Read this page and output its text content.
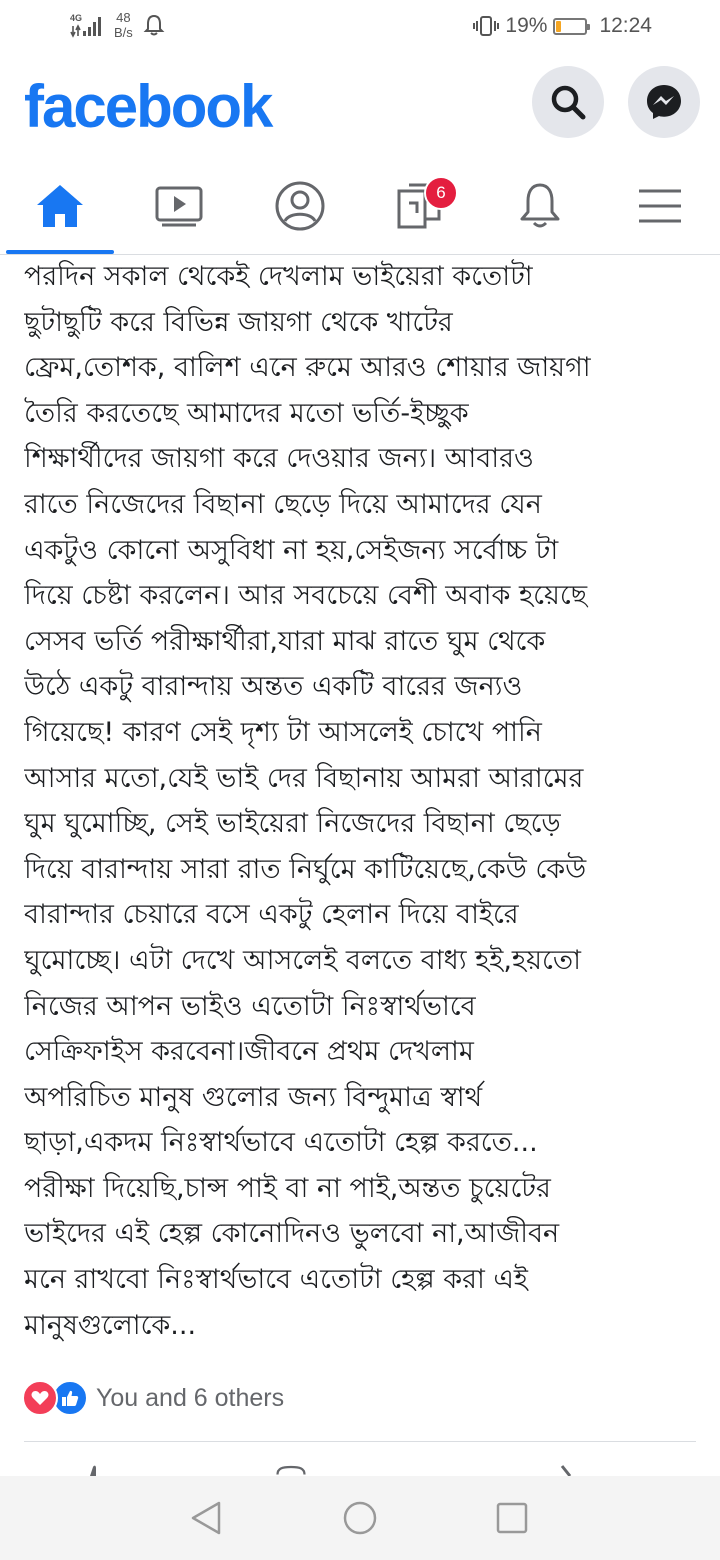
4G	48
B/s	19% 12:24
facebook
6
পরদিন সকাল থেকেই দেখলাম ভাইয়েরা কতোটা
ছুটাছুটি করে বিভিন্ন জায়গা থেকে খাটের
ফ্রেম,তোশক, বালিশ এনে রুমে আরও শোয়ার জায়গা
তৈরি করতেছে আমাদের মতো ভর্তি-ইচ্ছুক
শিক্ষার্থীদের জায়গা করে দেওয়ার জন্য। আবারও
রাতে নিজেদের বিছানা ছেড়ে দিয়ে আমাদের যেন
একটুও কোনো অসুবিধা না হয়,সেইজন্য সর্বোচ্চ টা
দিয়ে চেষ্টা করলেন। আর সবচেয়ে বেশী অবাক হয়েছে
সেসব ভর্তি পরীক্ষার্থীরা,যারা মাঝ রাতে ঘুম থেকে
উঠে একটু বারান্দায় অন্তত একটি বারের জন্যও
গিয়েছে! কারণ সেই দৃশ্য টা আসলেই চোখে পানি
আসার মতো,যেই ভাই দের বিছানায় আমরা আরামের
ঘুম ঘুমোচ্ছি, সেই ভাইয়েরা নিজেদের বিছানা ছেড়ে
দিয়ে বারান্দায় সারা রাত নির্ঘুমে কাটিয়েছে,কেউ কেউ
বারান্দার চেয়ারে বসে একটু হেলান দিয়ে বাইরে
ঘুমোচ্ছে। এটা দেখে আসলেই বলতে বাধ্য হই,হয়তো
নিজের আপন ভাইও এতোটা নিঃস্বার্থভাবে
সেক্রিফাইস করবেনা।জীবনে প্রথম দেখলাম
অপরিচিত মানুষ গুলোর জন্য বিন্দুমাত্র স্বার্থ
ছাড়া,একদম নিঃস্বার্থভাবে এতোটা হেল্প করতে...
পরীক্ষা দিয়েছি,চান্স পাই বা না পাই,অন্তত চুয়েটের
ভাইদের এই হেল্প কোনোদিনও ভুলবো না,আজীবন
মনে রাখবো নিঃস্বার্থভাবে এতোটা হেল্প করা এই
মানুষগুলোকে...
You and 6 others
